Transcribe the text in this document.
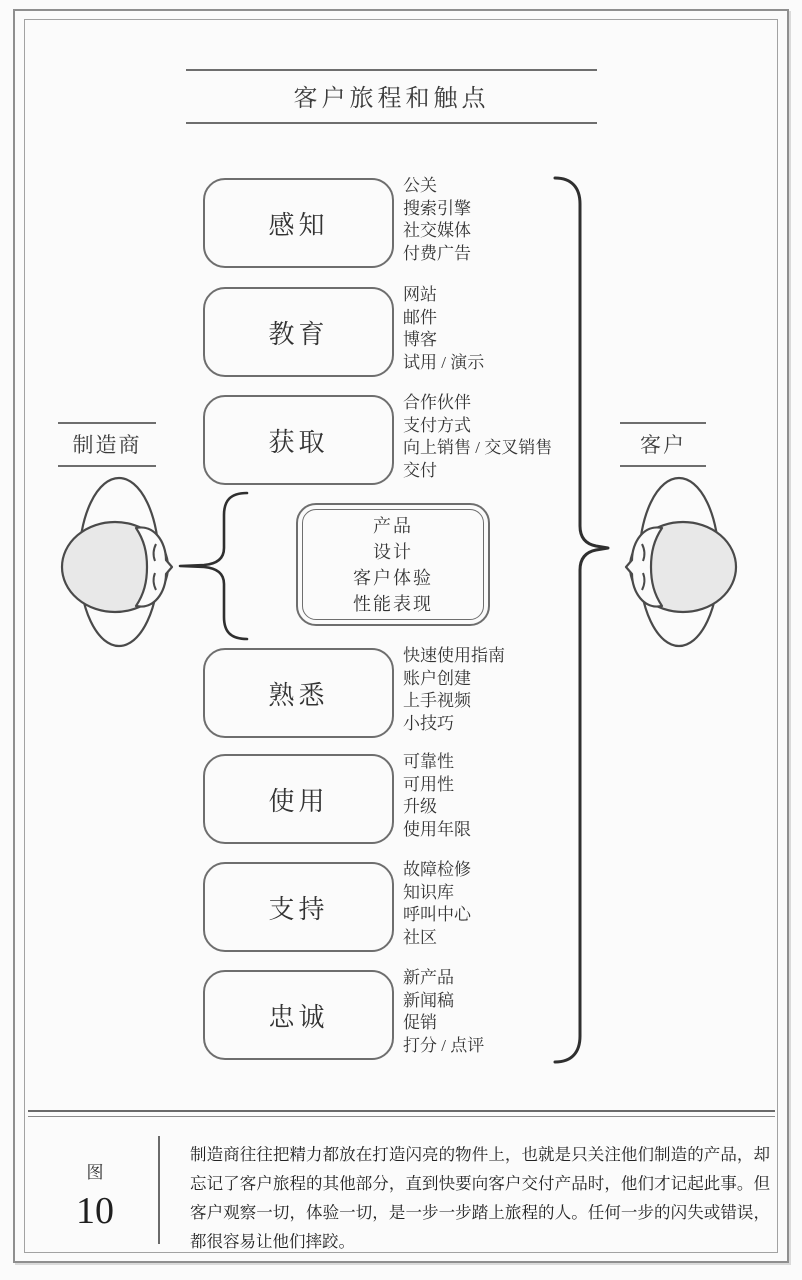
客户旅程和触点
制造商	客户
感知
公关
搜索引擎
社交媒体
付费广告
教育
网站
邮件
博客
试用 / 演示
获取
合作伙伴
支付方式
向上销售 / 交叉销售
交付
产品
设计
客户体验
性能表现
熟悉
快速使用指南
账户创建
上手视频
小技巧
使用
可靠性
可用性
升级
使用年限
支持
故障检修
知识库
呼叫中心
社区
忠诚
新产品
新闻稿
促销
打分 / 点评
图
10
制造商往往把精力都放在打造闪亮的物件上，也就是只关注他们制造的产品，却忘记了客户旅程的其他部分，直到快要向客户交付产品时，他们才记起此事。但客户观察一切，体验一切，是一步一步踏上旅程的人。任何一步的闪失或错误，都很容易让他们摔跤。
